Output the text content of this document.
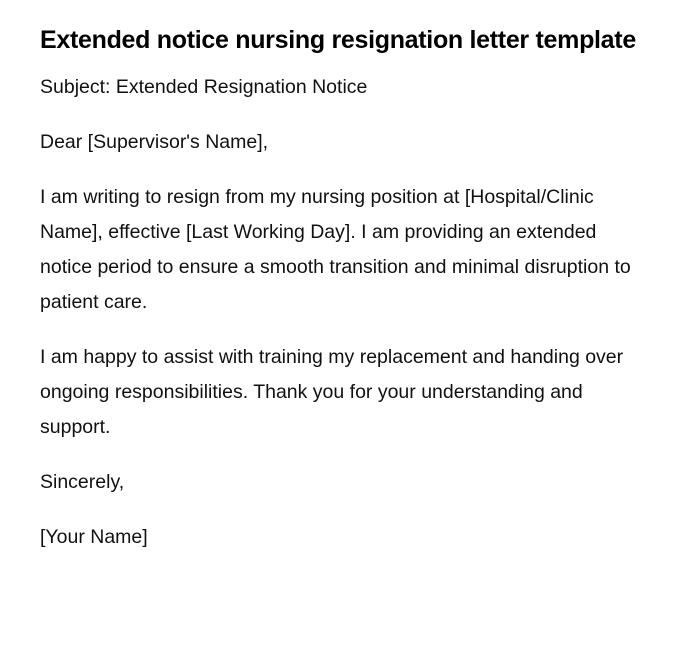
Extended notice nursing resignation letter template

Subject: Extended Resignation Notice

Dear [Supervisor's Name],

I am writing to resign from my nursing position at [Hospital/Clinic Name], effective [Last Working Day]. I am providing an extended notice period to ensure a smooth transition and minimal disruption to patient care.

I am happy to assist with training my replacement and handing over ongoing responsibilities. Thank you for your understanding and support.

Sincerely,

[Your Name]
